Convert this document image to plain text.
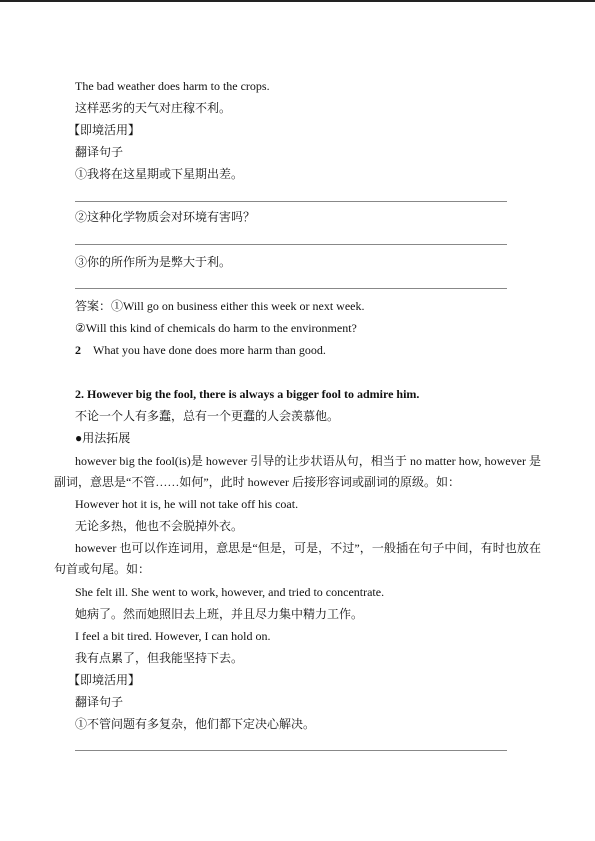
The bad weather does harm to the crops.
这样恶劣的天气对庄稼不利。
【即境活用】
翻译句子
①我将在这星期或下星期出差。
②这种化学物质会对环境有害吗？
③你的所作所为是弊大于利。
答案：①Will go on business either this week or next week.
②Will this kind of chemicals do harm to the environment?
2 What you have done does more harm than good.
2. However big the fool, there is always a bigger fool to admire him.
不论一个人有多蠢，总有一个更蠢的人会羡慕他。
●用法拓展
however big the fool(is)是 however 引导的让步状语从句，相当于 no matter how, however 是副词，意思是“不管……如何”，此时 however 后接形容词或副词的原级。如：
However hot it is, he will not take off his coat.
无论多热，他也不会脱掉外衣。
however 也可以作连词用，意思是“但是，可是，不过”，一般插在句子中间，有时也放在句首或句尾。如：
She felt ill. She went to work, however, and tried to concentrate.
她病了。然而她照旧去上班，并且尽力集中精力工作。
I feel a bit tired. However, I can hold on.
我有点累了，但我能坚持下去。
【即境活用】
翻译句子
①不管问题有多复杂，他们都下定决心解决。
